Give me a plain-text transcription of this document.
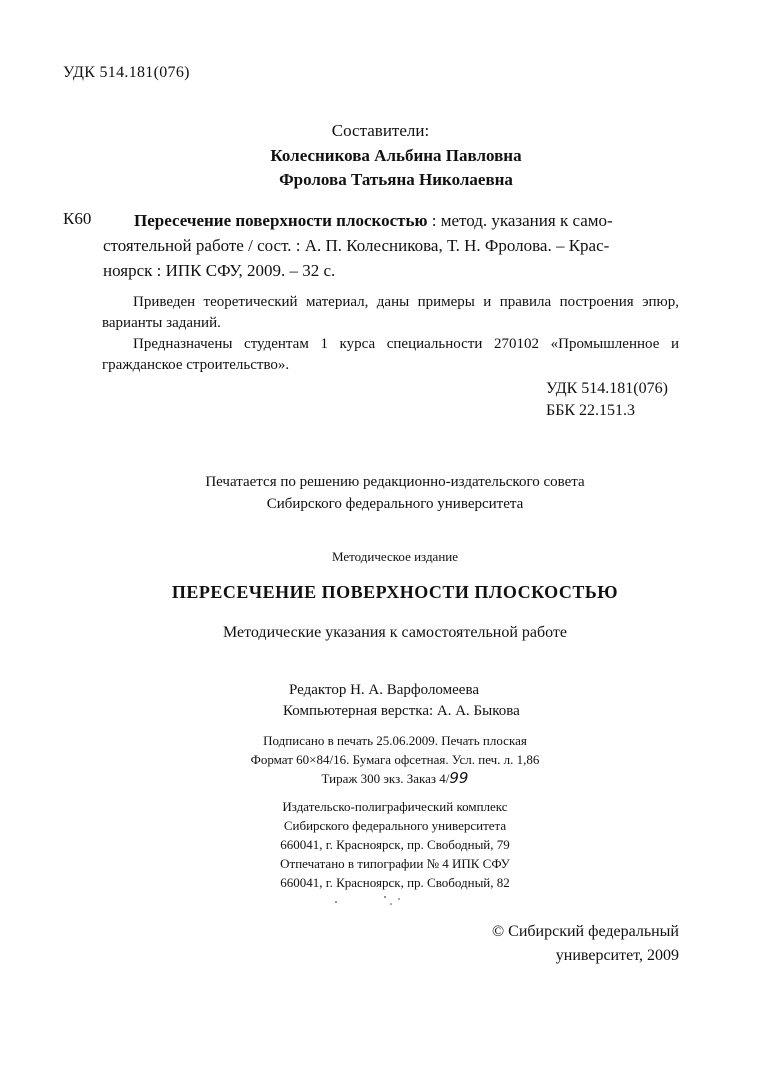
УДК 514.181(076)
Составители:
Колесникова Альбина Павловна
Фролова Татьяна Николаевна
К60	Пересечение поверхности плоскостью : метод. указания к само-
стоятельной работе / сост. : А. П. Колесникова, Т. Н. Фролова. – Крас-
ноярск : ИПК СФУ, 2009. – 32 с.

Приведен теоретический материал, даны примеры и правила построения эпюр, варианты заданий.

Предназначены студентам 1 курса специальности 270102 «Промышленное и гражданское строительство».

УДК 514.181(076)
ББК 22.151.3
Печатается по решению редакционно-издательского совета
Сибирского федерального университета
Методическое издание
ПЕРЕСЕЧЕНИЕ ПОВЕРХНОСТИ ПЛОСКОСТЬЮ
Методические указания к самостоятельной работе
Редактор Н. А. Варфоломеева
Компьютерная верстка: А. А. Быкова
Подписано в печать 25.06.2009. Печать плоская
Формат 60×84/16. Бумага офсетная. Усл. печ. л. 1,86
Тираж 300 экз. Заказ 4/99
Издательско-полиграфический комплекс
Сибирского федерального университета
660041, г. Красноярск, пр. Свободный, 79
Отпечатано в типографии № 4 ИПК СФУ
660041, г. Красноярск, пр. Свободный, 82
© Сибирский федеральный
университет, 2009
